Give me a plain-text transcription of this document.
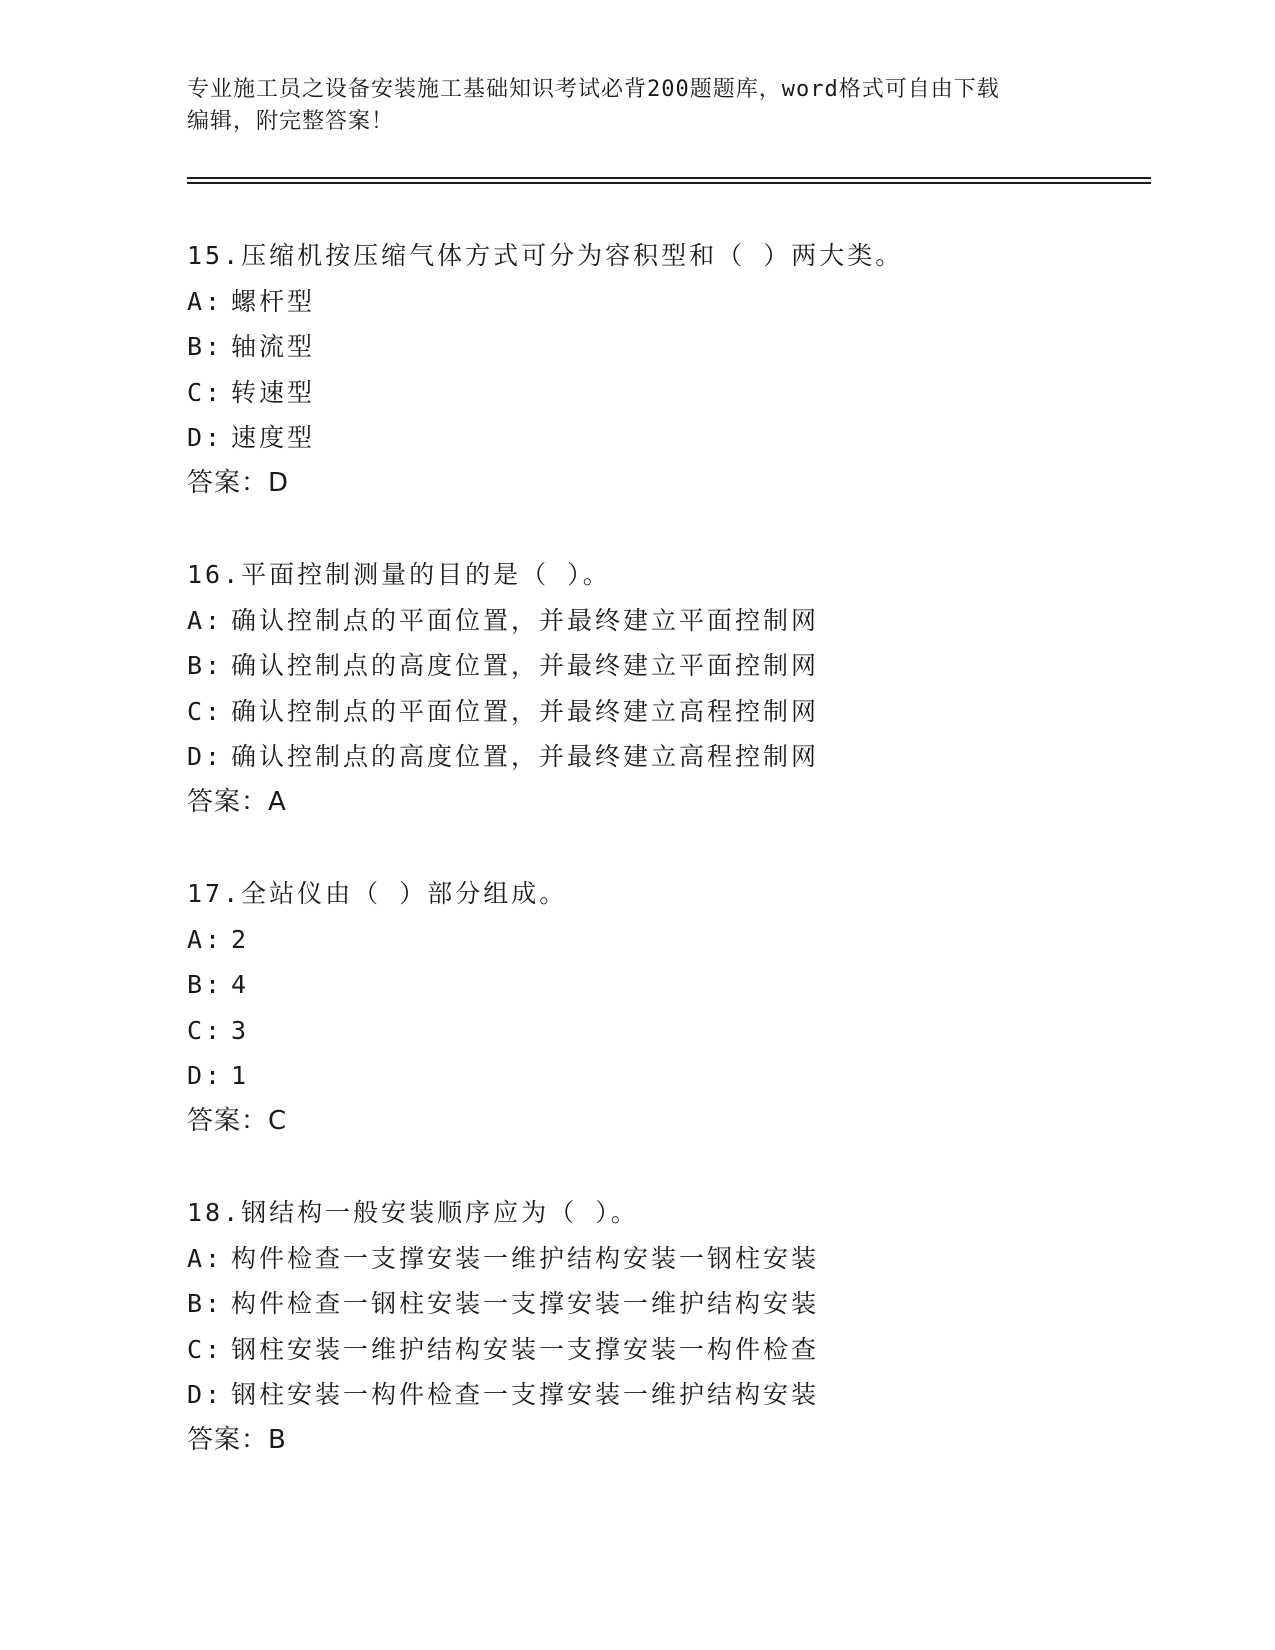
专业施工员之设备安装施工基础知识考试必背200题题库，word格式可自由下载
编辑，附完整答案！
15.压缩机按压缩气体方式可分为容积型和（ ）两大类。
A: 螺杆型
B: 轴流型
C: 转速型
D: 速度型
答案：D
16.平面控制测量的目的是（ ）。
A: 确认控制点的平面位置，并最终建立平面控制网
B: 确认控制点的高度位置，并最终建立平面控制网
C: 确认控制点的平面位置，并最终建立高程控制网
D: 确认控制点的高度位置，并最终建立高程控制网
答案：A
17.全站仪由（ ）部分组成。
A: 2
B: 4
C: 3
D: 1
答案：C
18.钢结构一般安装顺序应为（ ）。
A: 构件检查一支撑安装一维护结构安装一钢柱安装
B: 构件检查一钢柱安装一支撑安装一维护结构安装
C: 钢柱安装一维护结构安装一支撑安装一构件检查
D: 钢柱安装一构件检查一支撑安装一维护结构安装
答案：B
